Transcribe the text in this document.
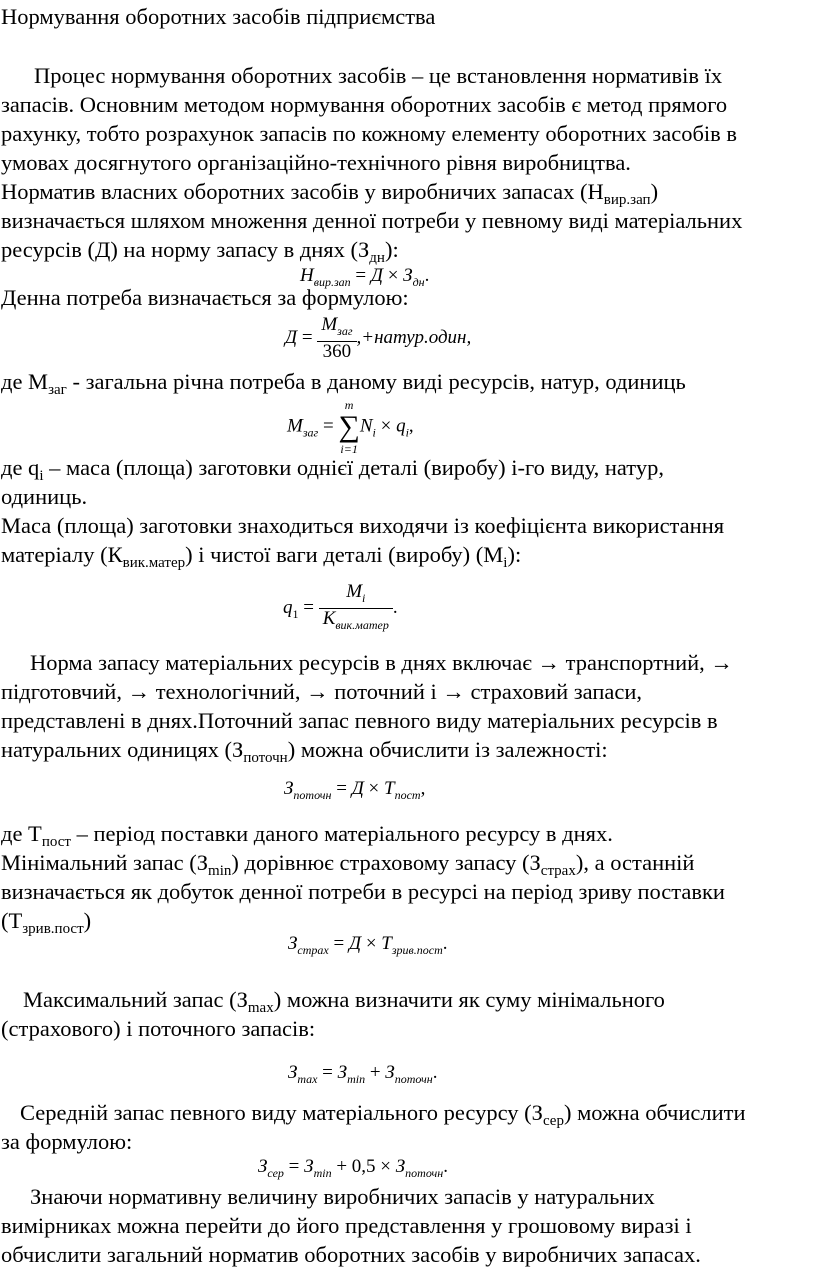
Нормування оборотних засобів підприємства
Процес нормування оборотних засобів – це встановлення нормативів їх
запасів. Основним методом нормування оборотних засобів є метод прямого
рахунку, тобто розрахунок запасів по кожному елементу оборотних засобів в
умовах досягнутого організаційно-технічного рівня виробництва.
Норматив власних оборотних засобів у виробничих запасах $(Н_{вир.зап})$
визначається шляхом множення денної потреби у певному виді матеріальних
ресурсів (Д) на норму запасу в днях $(З_{дн})$:
$Н_{вир.зап} = Д \times З_{дн}$.
Денна потреба визначається за формулою:
$Д = \frac{М_{заг}}{360}$ ,+натур.один,
де $М_{заг}$ - загальна річна потреба в даному виді ресурсів, натур, одиниць
$М_{заг}$ =
m
∑
i=1
$N_i \times q_i$,
де $q_i$ – маса (площа) заготовки однієї деталі (виробу) і-го виду, натур,
одиниць.
Маса (площа) заготовки знаходиться виходячи із коефіцієнта використання
матеріалу $(К_{вик.матер})$ і чистої ваги деталі (виробу) $(М_i)$:
$q_1 = \frac{M_i}{К_{вик.матер}}$ .
Норма запасу матеріальних ресурсів в днях включає → транспортний, →
підготовчий, → технологічний, → поточний і → страховий запаси,
представлені в днях.Поточний запас певного виду матеріальних ресурсів в
натуральних одиницях $(З_{поточн})$ можна обчислити із залежності:
$З_{поточн} = Д \times Т_{пост}$,
де $Т_{пост}$ – період поставки даного матеріального ресурсу в днях.
Мінімальний запас $(З_{min})$ дорівнює страховому запасу $(З_{страх})$, а останній
визначається як добуток денної потреби в ресурсі на період зриву поставки
$(Т_{зрив.пост})$
$З_{страх} = Д \times Т_{зрив.пост}$.
Максимальний запас $(З_{max})$ можна визначити як суму мінімального
(страхового) і поточного запасів:
$З_{max} = З_{min} + З_{поточн}$.
Середній запас певного виду матеріального ресурсу $(З_{сер})$ можна обчислити
за формулою:
$З_{сер} = З_{min} + 0,5 \times З_{поточн}$.
Знаючи нормативну величину виробничих запасів у натуральних
вимірниках можна перейти до його представлення у грошовому виразі і
обчислити загальний норматив оборотних засобів у виробничих запасах.
